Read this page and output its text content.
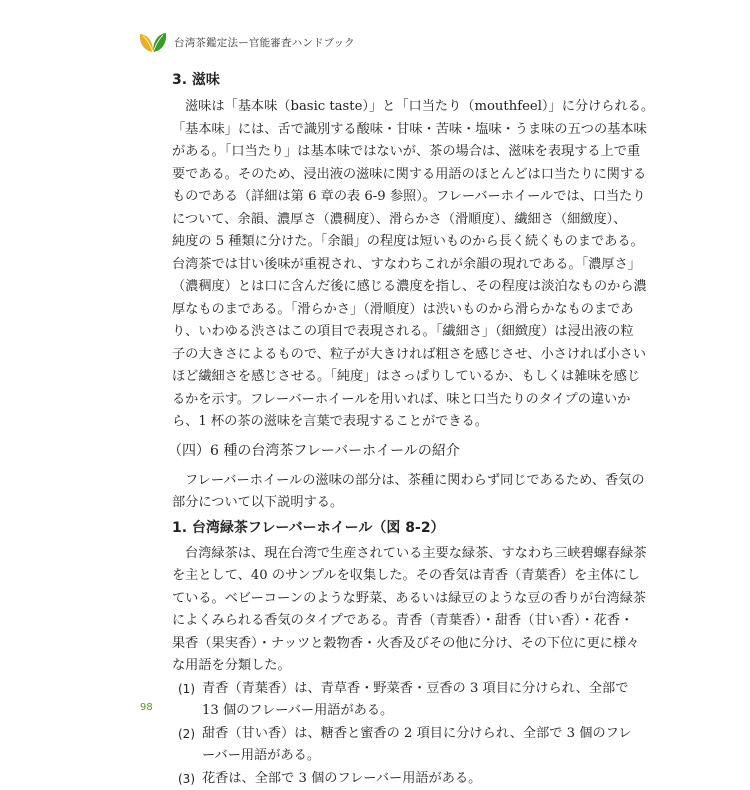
台湾茶鑑定法ー官能審査ハンドブック
3. 滋味
滋味は「基本味（basic taste）」と「口当たり（mouthfeel）」に分けられる。
「基本味」には、舌で識別する酸味・甘味・苦味・塩味・うま味の五つの基本味
がある。「口当たり」は基本味ではないが、茶の場合は、滋味を表現する上で重
要である。そのため、浸出液の滋味に関する用語のほとんどは口当たりに関する
ものである（詳細は第 6 章の表 6-9 参照）。フレーバーホイールでは、口当たり
について、余韻、濃厚さ（濃稠度）、滑らかさ（滑順度）、繊細さ（細緻度）、
純度の 5 種類に分けた。「余韻」の程度は短いものから長く続くものまである。
台湾茶では甘い後味が重視され、すなわちこれが余韻の現れである。「濃厚さ」
（濃稠度）とは口に含んだ後に感じる濃度を指し、その程度は淡泊なものから濃
厚なものまである。「滑らかさ」（滑順度）は渋いものから滑らかなものまであ
り、いわゆる渋さはこの項目で表現される。「繊細さ」（細緻度）は浸出液の粒
子の大きさによるもので、粒子が大きければ粗さを感じさせ、小さければ小さい
ほど繊細さを感じさせる。「純度」はさっぱりしているか、もしくは雑味を感じ
るかを示す。フレーバーホイールを用いれば、味と口当たりのタイプの違いか
ら、1 杯の茶の滋味を言葉で表現することができる。
（四）6 種の台湾茶フレーバーホイールの紹介
フレーバーホイールの滋味の部分は、茶種に関わらず同じであるため、香気の
部分について以下説明する。
1. 台湾緑茶フレーバーホイール（図 8-2）
台湾緑茶は、現在台湾で生産されている主要な緑茶、すなわち三峡碧螺春緑茶
を主として、40 のサンプルを収集した。その香気は青香（青葉香）を主体にし
ている。ベビーコーンのような野菜、あるいは緑豆のような豆の香りが台湾緑茶
によくみられる香気のタイプである。青香（青葉香）・甜香（甘い香）・花香・
果香（果実香）・ナッツと穀物香・火香及びその他に分け、その下位に更に様々
な用語を分類した。
(1) 青香（青葉香）は、青草香・野菜香・豆香の 3 項目に分けられ、全部で
13 個のフレーバー用語がある。
(2) 甜香（甘い香）は、糖香と蜜香の 2 項目に分けられ、全部で 3 個のフレ
ーバー用語がある。
(3) 花香は、全部で 3 個のフレーバー用語がある。
98
